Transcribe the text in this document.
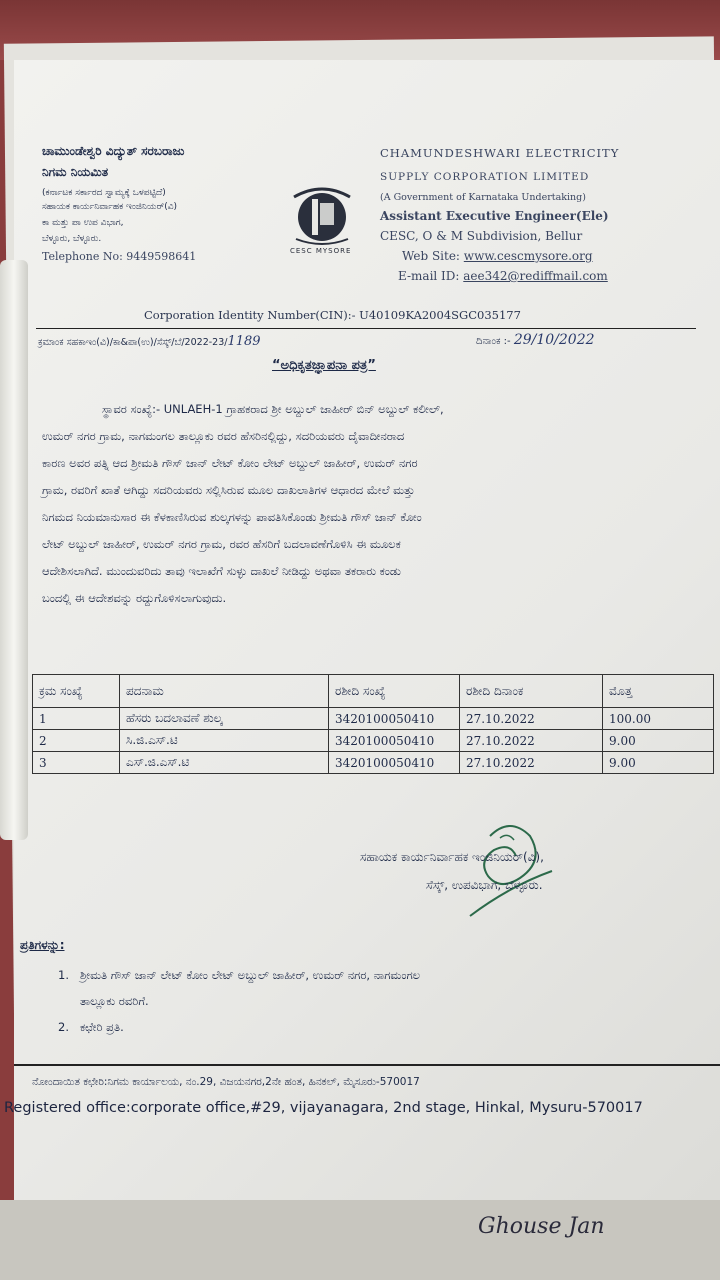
Ghouse Jan
ಚಾಮುಂಡೇಶ್ವರಿ ವಿದ್ಯುತ್ ಸರಬರಾಜು
ನಿಗಮ ನಿಯಮಿತ
(ಕರ್ನಾಟಕ ಸರ್ಕಾರದ ಸ್ವಾಮ್ಯಕ್ಕೆ ಒಳಪಟ್ಟಿದೆ)
ಸಹಾಯಕ ಕಾರ್ಯನಿರ್ವಾಹಕ ಇಂಜಿನಿಯರ್(ವಿ)
ಕಾ ಮತ್ತು ಪಾ ಉಪ ವಿಭಾಗ,
ಬೆಳ್ಳೂರು, ಬೆಳ್ಳೂರು.
Telephone No: 9449598641	CESC MYSORE
CHAMUNDESHWARI ELECTRICITY
SUPPLY CORPORATION LIMITED
(A Government of Karnataka Undertaking)
Assistant Executive Engineer(Ele)
CESC, O & M Subdivision, Bellur
Web Site: www.cescmysore.org
E-mail ID: aee342@rediffmail.com
Corporation Identity Number(CIN):- U40109KA2004SGC035177
ಕ್ರಮಾಂಕ ಸಹಕಾಇಂ(ವಿ)/ಕಾ&ಪಾ(ಉ)/ಸೆಸ್ಕ್/ಬೆ/2022-23/1189	ದಿನಾಂಕ :- 29/10/2022
“ಅಧಿಕೃತಜ್ಞಾಪನಾ ಪತ್ರ”
ಸ್ಥಾವರ ಸಂಖ್ಯೆ:- UNLAEH-1 ಗ್ರಾಹಕರಾದ ಶ್ರೀ ಅಬ್ದುಲ್ ಜಾಹೀರ್ ಬಿನ್ ಅಬ್ದುಲ್ ಕಲೀಲ್,
ಉಮರ್ ನಗರ ಗ್ರಾಮ, ನಾಗಮಂಗಲ ತಾಲ್ಲೂಕು ರವರ ಹೆಸರಿನಲ್ಲಿದ್ದು, ಸದರಿಯವರು ದೈವಾದೀನರಾದ
ಕಾರಣ ಅವರ ಪತ್ನಿ ಆದ ಶ್ರೀಮತಿ ಗೌಸ್ ಜಾನ್ ಲೇಟ್ ಕೋಂ ಲೇಟ್ ಅಬ್ದುಲ್ ಜಾಹೀರ್, ಉಮರ್ ನಗರ
ಗ್ರಾಮ, ರವರಿಗೆ ಖಾತೆ ಆಗಿದ್ದು ಸದರಿಯವರು ಸಲ್ಲಿಸಿರುವ ಮೂಲ ದಾಖಲಾತಿಗಳ ಆಧಾರದ ಮೇಲೆ ಮತ್ತು
ನಿಗಮದ ನಿಯಮಾನುಸಾರ ಈ ಕೆಳಕಾಣಿಸಿರುವ ಶುಲ್ಕಗಳನ್ನು ಪಾವತಿಸಿಕೊಂಡು ಶ್ರೀಮತಿ ಗೌಸ್ ಜಾನ್ ಕೋಂ
ಲೇಟ್ ಅಬ್ದುಲ್ ಜಾಹೀರ್, ಉಮರ್ ನಗರ ಗ್ರಾಮ, ರವರ ಹೆಸರಿಗೆ ಬದಲಾವಣೆಗೊಳಿಸಿ ಈ ಮೂಲಕ
ಆದೇಶಿಸಲಾಗಿದೆ. ಮುಂದುವರಿದು ತಾವು ಇಲಾಖೆಗೆ ಸುಳ್ಳು ದಾಖಲೆ ನೀಡಿದ್ದು ಅಥವಾ ತಕರಾರು ಕಂಡು
ಬಂದಲ್ಲಿ ಈ ಆದೇಶವನ್ನು ರದ್ದುಗೊಳಿಸಲಾಗುವುದು.
ಕ್ರಮ ಸಂಖ್ಯೆ	ಪದನಾಮ	ರಶೀದಿ ಸಂಖ್ಯೆ	ರಶೀದಿ ದಿನಾಂಕ	ಮೊತ್ತ
1	ಹೆಸರು ಬದಲಾವಣೆ ಶುಲ್ಕ	3420100050410	27.10.2022	100.00
2	ಸಿ.ಜಿ.ಎಸ್.ಟಿ	3420100050410	27.10.2022	9.00
3	ಎಸ್.ಜಿ.ಎಸ್.ಟಿ	3420100050410	27.10.2022	9.00
ಸಹಾಯಕ ಕಾರ್ಯನಿರ್ವಾಹಕ ಇಂಜಿನಿಯರ್(ವಿ),
ಸೆಸ್ಕ್, ಉಪವಿಭಾಗ, ಬೆಳ್ಳೂರು.
ಪ್ರತಿಗಳನ್ನು:
1. ಶ್ರೀಮತಿ ಗೌಸ್ ಜಾನ್ ಲೇಟ್ ಕೋಂ ಲೇಟ್ ಅಬ್ದುಲ್ ಜಾಹೀರ್, ಉಮರ್ ನಗರ, ನಾಗಮಂಗಲ
ತಾಲ್ಲೂಕು ರವರಿಗೆ.
2. ಕಛೇರಿ ಪ್ರತಿ.
ನೋಂದಾಯಿತ ಕಛೇರಿ:ನಿಗಮ ಕಾರ್ಯಾಲಯ, ನಂ.29, ವಿಜಯನಗರ,2ನೇ ಹಂತ, ಹಿನಕಲ್, ಮೈಸೂರು-570017
Registered office:corporate office,#29, vijayanagara, 2nd stage, Hinkal, Mysuru-570017
